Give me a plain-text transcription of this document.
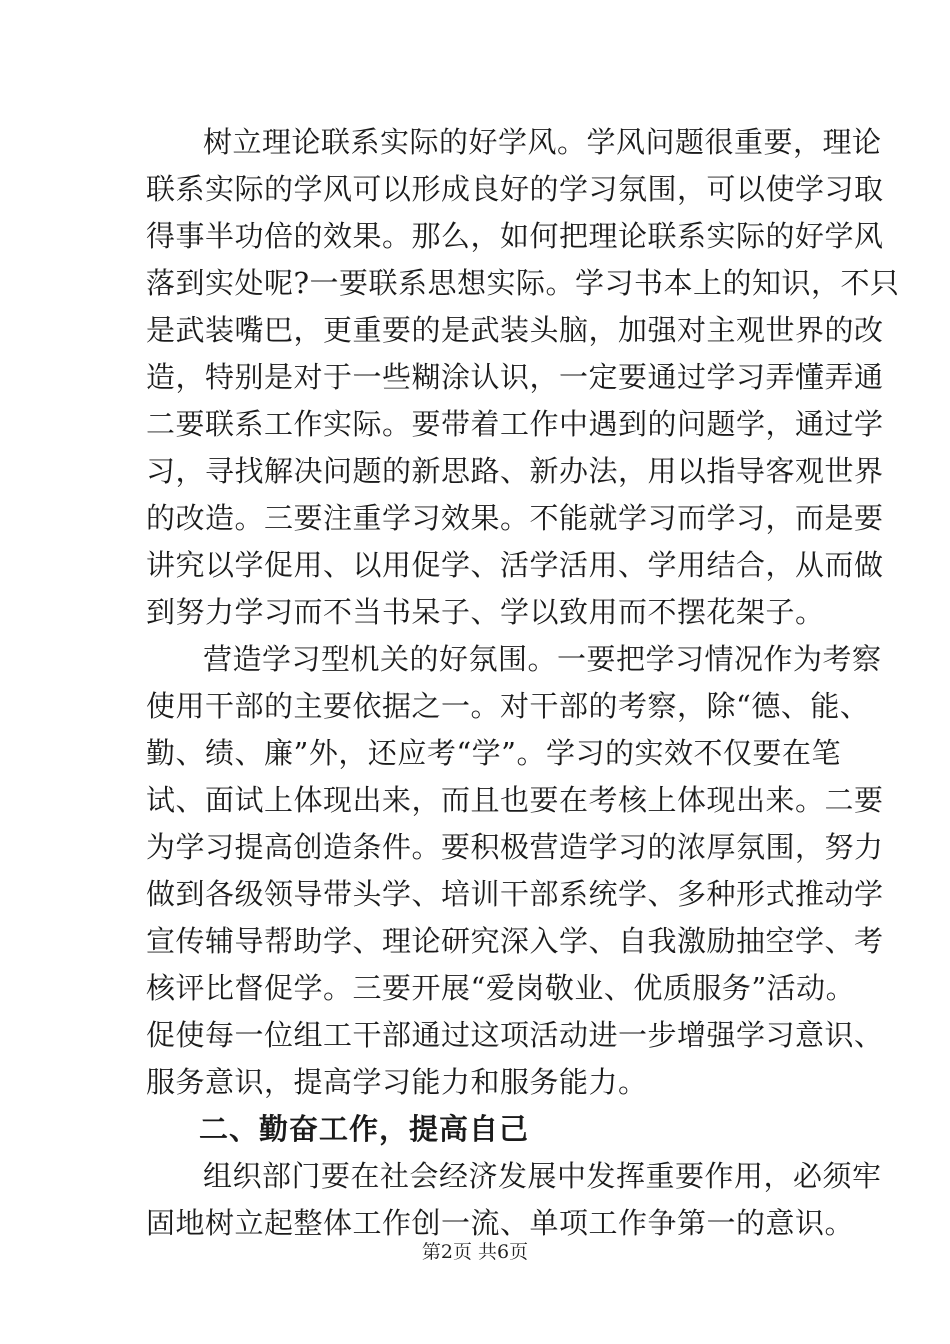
树立理论联系实际的好学风。学风问题很重要，理论
联系实际的学风可以形成良好的学习氛围，可以使学习取
得事半功倍的效果。那么，如何把理论联系实际的好学风
落到实处呢?一要联系思想实际。学习书本上的知识，不只
是武装嘴巴，更重要的是武装头脑，加强对主观世界的改
造，特别是对于一些糊涂认识，一定要通过学习弄懂弄通
二要联系工作实际。要带着工作中遇到的问题学，通过学
习，寻找解决问题的新思路、新办法，用以指导客观世界
的改造。三要注重学习效果。不能就学习而学习，而是要
讲究以学促用、以用促学、活学活用、学用结合，从而做
到努力学习而不当书呆子、学以致用而不摆花架子。
营造学习型机关的好氛围。一要把学习情况作为考察
使用干部的主要依据之一。对干部的考察，除“德、能、
勤、绩、廉”外，还应考“学”。学习的实效不仅要在笔
试、面试上体现出来，而且也要在考核上体现出来。二要
为学习提高创造条件。要积极营造学习的浓厚氛围，努力
做到各级领导带头学、培训干部系统学、多种形式推动学
宣传辅导帮助学、理论研究深入学、自我激励抽空学、考
核评比督促学。三要开展“爱岗敬业、优质服务”活动。
促使每一位组工干部通过这项活动进一步增强学习意识、
服务意识，提高学习能力和服务能力。
二、勤奋工作，提高自己
组织部门要在社会经济发展中发挥重要作用，必须牢
固地树立起整体工作创一流、单项工作争第一的意识。
第2页 共6页
